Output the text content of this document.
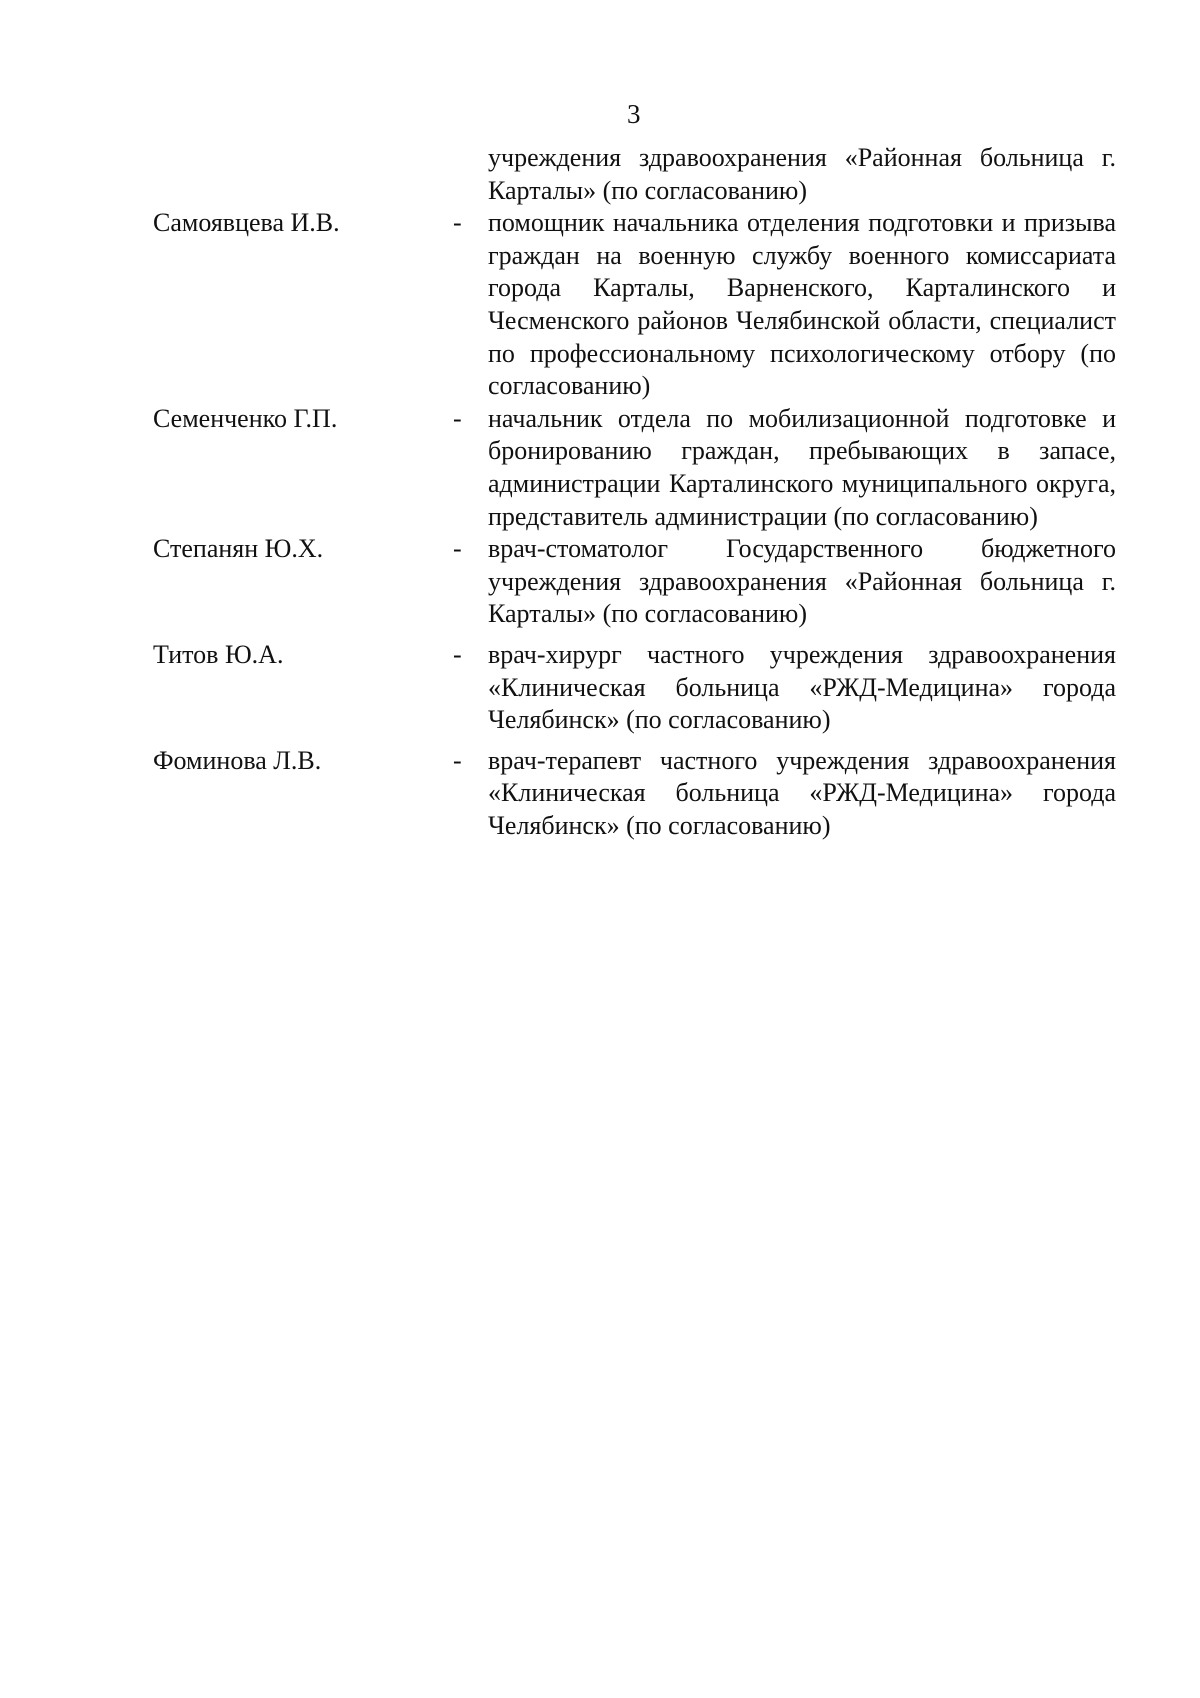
3
учреждения здравоохранения «Районная больница г. Карталы» (по согласованию)
Самоявцева И.В.	- помощник начальника отделения подготовки и призыва граждан на военную службу военного комиссариата города Карталы, Варненского, Карталинского и Чесменского районов Челябинской области, специалист по профессиональному психологическому отбору (по согласованию)
Семенченко Г.П.	- начальник отдела по мобилизационной подготовке и бронированию граждан, пребывающих в запасе, администрации Карталинского муниципального округа, представитель администрации (по согласованию)
Степанян Ю.Х.	- врач-стоматолог Государственного бюджетного учреждения здравоохранения «Районная больница г. Карталы» (по согласованию)
Титов Ю.А.	- врач-хирург частного учреждения здравоохранения «Клиническая больница «РЖД-Медицина» города Челябинск» (по согласованию)
Фоминова Л.В.	- врач-терапевт частного учреждения здравоохранения «Клиническая больница «РЖД-Медицина» города Челябинск» (по согласованию)
